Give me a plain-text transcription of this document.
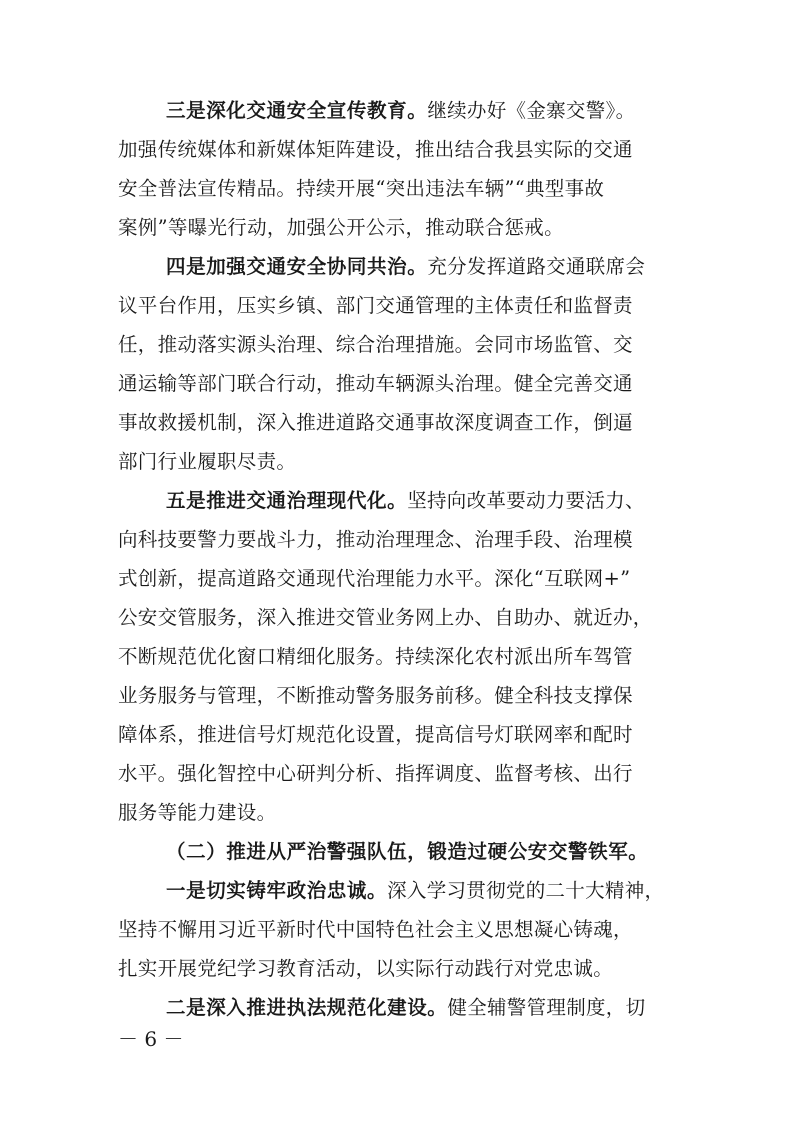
三是深化交通安全宣传教育。继续办好《金寨交警》。
加强传统媒体和新媒体矩阵建设，推出结合我县实际的交通
安全普法宣传精品。持续开展“突出违法车辆”“典型事故
案例”等曝光行动，加强公开公示，推动联合惩戒。
四是加强交通安全协同共治。充分发挥道路交通联席会
议平台作用，压实乡镇、部门交通管理的主体责任和监督责
任，推动落实源头治理、综合治理措施。会同市场监管、交
通运输等部门联合行动，推动车辆源头治理。健全完善交通
事故救援机制，深入推进道路交通事故深度调查工作，倒逼
部门行业履职尽责。
五是推进交通治理现代化。坚持向改革要动力要活力、
向科技要警力要战斗力，推动治理理念、治理手段、治理模
式创新，提高道路交通现代治理能力水平。深化“互联网+”
公安交管服务，深入推进交管业务网上办、自助办、就近办，
不断规范优化窗口精细化服务。持续深化农村派出所车驾管
业务服务与管理，不断推动警务服务前移。健全科技支撑保
障体系，推进信号灯规范化设置，提高信号灯联网率和配时
水平。强化智控中心研判分析、指挥调度、监督考核、出行
服务等能力建设。
（二）推进从严治警强队伍，锻造过硬公安交警铁军。
一是切实铸牢政治忠诚。深入学习贯彻党的二十大精神，
坚持不懈用习近平新时代中国特色社会主义思想凝心铸魂，
扎实开展党纪学习教育活动，以实际行动践行对党忠诚。
二是深入推进执法规范化建设。健全辅警管理制度，切
－ 6 －
